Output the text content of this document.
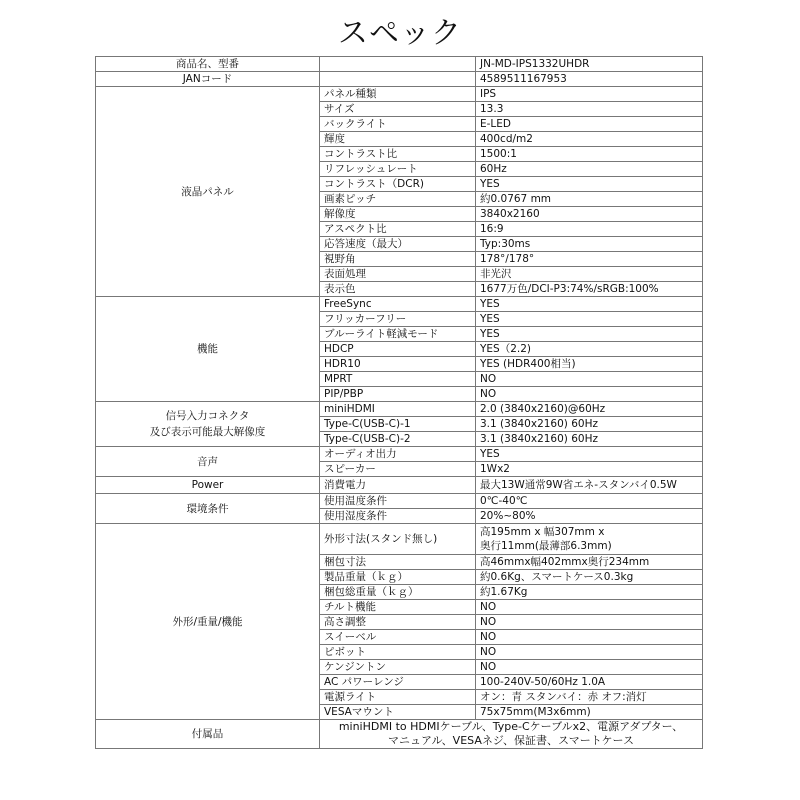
スペック
商品名、型番		JN-MD-IPS1332UHDR
JANコード		4589511167953

液晶パネル	パネル種類	IPS

	サイズ	13.3

	バックライト	E-LED

	輝度	400cd/m2

	コントラスト比	1500:1

	リフレッシュレート	60Hz

	コントラスト（DCR)	YES

	画素ピッチ	約0.0767 mm

	解像度	3840x2160

	アスペクト比	16:9

	応答速度（最大）	Typ:30ms

	視野角	178°/178°

	表面処理	非光沢

	表示色	1677万色/DCI-P3:74%/sRGB:100%

機能	FreeSync	YES

	フリッカーフリー	YES

	ブルーライト軽減モード	YES

	HDCP	YES（2.2)

	HDR10	YES (HDR400相当)

	MPRT	NO

	PIP/PBP	NO

信号入力コネクタ
及び表示可能最大解像度	miniHDMI	2.0 (3840x2160)@60Hz

	Type-C(USB-C)-1	3.1 (3840x2160) 60Hz

	Type-C(USB-C)-2	3.1 (3840x2160) 60Hz

音声	オーディオ出力	YES

	スピーカー	1Wx2

Power	消費電力	最大13W通常9W省エネ-スタンバイ0.5W

環境条件	使用温度条件	0℃-40℃

	使用湿度条件	20%~80%

外形/重量/機能	外形寸法(スタンド無し)	高195mm x 幅307mm x
奥行11mm(最薄部6.3mm)

	梱包寸法	高46mmx幅402mmx奥行234mm

	製品重量（ｋｇ）	約0.6Kg、スマートケース0.3kg

	梱包総重量（ｋｇ）	約1.67Kg

	チルト機能	NO

	高さ調整	NO

	スイーベル	NO

	ピボット	NO

	ケンジントン	NO

	AC パワーレンジ	100-240V-50/60Hz 1.0A

	電源ライト	オン：青 スタンバイ：赤 オフ:消灯

	VESAマウント	75x75mm(M3x6mm)

付属品	miniHDMI to HDMIケーブル、Type-Cケーブルx2、電源アダプター、
マニュアル、VESAネジ、保証書、スマートケース	
